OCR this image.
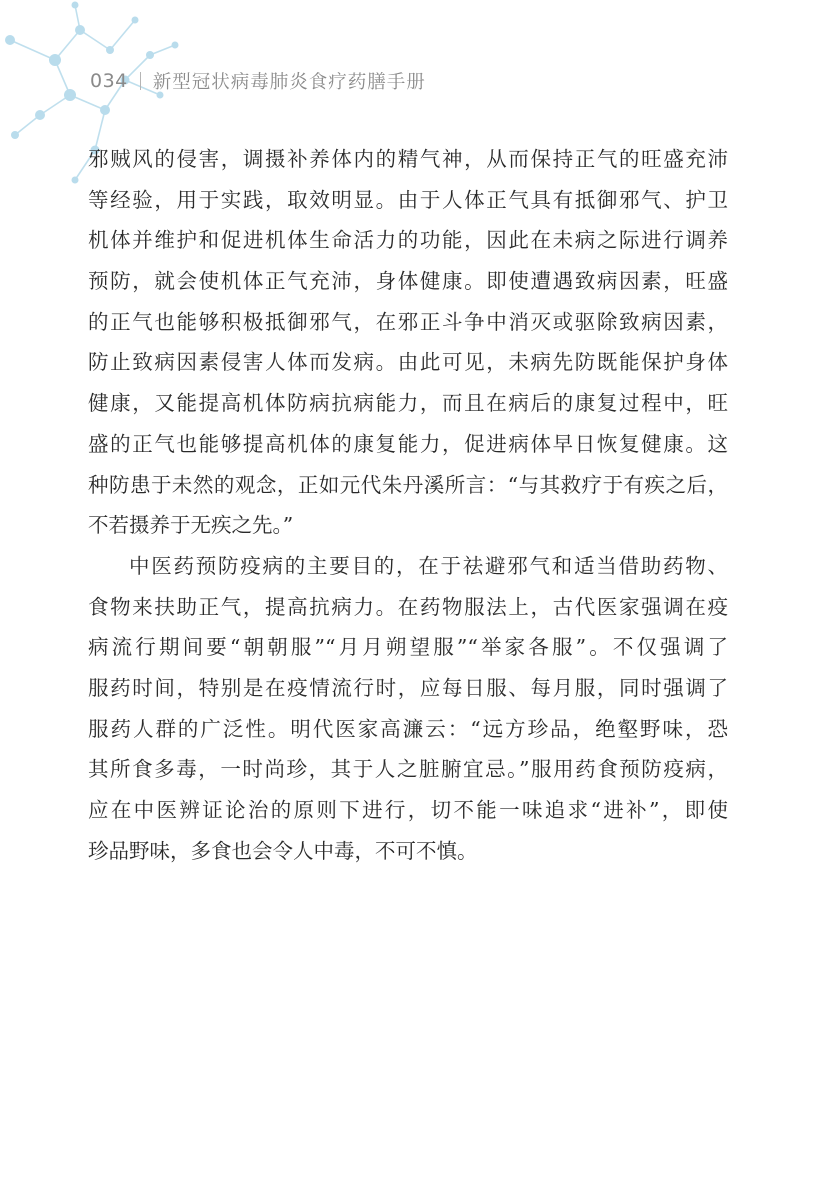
034 新型冠状病毒肺炎食疗药膳手册
邪贼风的侵害，调摄补养体内的精气神，从而保持正气的旺盛充沛
等经验，用于实践，取效明显。由于人体正气具有抵御邪气、护卫
机体并维护和促进机体生命活力的功能，因此在未病之际进行调养
预防，就会使机体正气充沛，身体健康。即使遭遇致病因素，旺盛
的正气也能够积极抵御邪气，在邪正斗争中消灭或驱除致病因素，
防止致病因素侵害人体而发病。由此可见，未病先防既能保护身体
健康，又能提高机体防病抗病能力，而且在病后的康复过程中，旺
盛的正气也能够提高机体的康复能力，促进病体早日恢复健康。这
种防患于未然的观念，正如元代朱丹溪所言：“与其救疗于有疾之后，
不若摄养于无疾之先。”
中医药预防疫病的主要目的，在于祛避邪气和适当借助药物、
食物来扶助正气，提高抗病力。在药物服法上，古代医家强调在疫
病流行期间要“朝朝服”“月月朔望服”“举家各服”。不仅强调了
服药时间，特别是在疫情流行时，应每日服、每月服，同时强调了
服药人群的广泛性。明代医家高濂云：“远方珍品，绝壑野味，恐
其所食多毒，一时尚珍，其于人之脏腑宜忌。”服用药食预防疫病，
应在中医辨证论治的原则下进行，切不能一味追求“进补”，即使
珍品野味，多食也会令人中毒，不可不慎。
